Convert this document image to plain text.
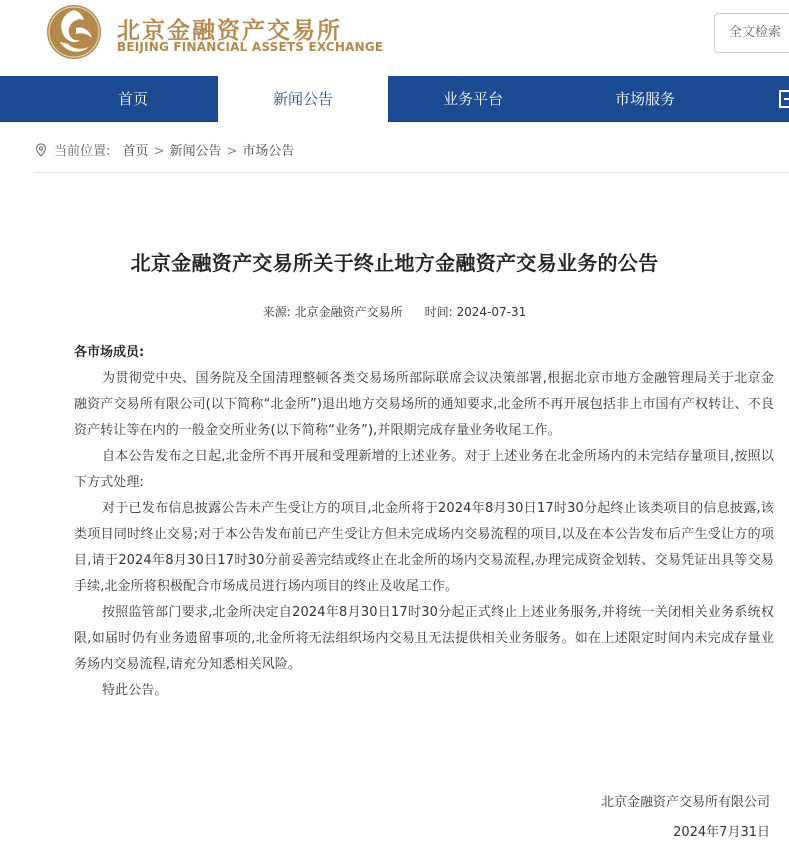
北京金融资产交易所
BEIJING FINANCIAL ASSETS EXCHANGE
全文检索
首页	新闻公告	业务平台	市场服务
当前位置: 首页 > 新闻公告 > 市场公告
北京金融资产交易所关于终止地方金融资产交易业务的公告
来源: 北京金融资产交易所 时间: 2024-07-31
各市场成员:

为贯彻党中央、国务院及全国清理整顿各类交易场所部际联席会议决策部署,根据北京市地方金融管理局关于北京金融资产交易所有限公司(以下简称“北金所”)退出地方交易场所的通知要求,北金所不再开展包括非上市国有产权转让、不良资产转让等在内的一般金交所业务(以下简称“业务”),并限期完成存量业务收尾工作。

自本公告发布之日起,北金所不再开展和受理新增的上述业务。对于上述业务在北金所场内的未完结存量项目,按照以下方式处理:

对于已发布信息披露公告未产生受让方的项目,北金所将于2024年8月30日17时30分起终止该类项目的信息披露,该类项目同时终止交易;对于本公告发布前已产生受让方但未完成场内交易流程的项目,以及在本公告发布后产生受让方的项目,请于2024年8月30日17时30分前妥善完结或终止在北金所的场内交易流程,办理完成资金划转、交易凭证出具等交易手续,北金所将积极配合市场成员进行场内项目的终止及收尾工作。

按照监管部门要求,北金所决定自2024年8月30日17时30分起正式终止上述业务服务,并将统一关闭相关业务系统权限,如届时仍有业务遗留事项的,北金所将无法组织场内交易且无法提供相关业务服务。如在上述限定时间内未完成存量业务场内交易流程,请充分知悉相关风险。

特此公告。

北京金融资产交易所有限公司
2024年7月31日
